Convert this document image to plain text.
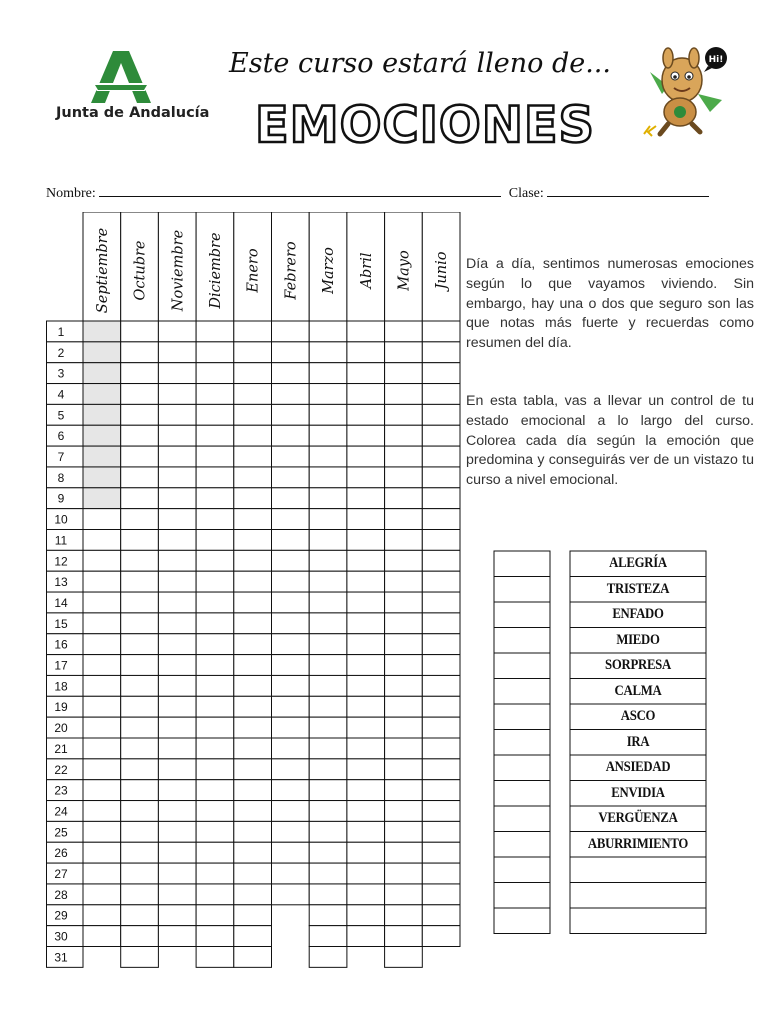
Junta de Andalucía
Este curso estará lleno de...
EMOCIONES
Hi!
Nombre:	Clase:
Septiembre Octubre Noviembre Diciembre Enero Febrero Marzo Abril Mayo Junio
1
2
3
4
5
6
7
8
9
10
11
12
13
14
15
16
17
18
19
20
21
22
23
24
25
26
27
28
29
30
31
Día a día, sentimos numerosas emociones según lo que vayamos viviendo. Sin embargo, hay una o dos que seguro son las que notas más fuerte y recuerdas como resumen del día.
En esta tabla, vas a llevar un control de tu estado emocional a lo largo del curso. Colorea cada día según la emoción que predomina y conseguirás ver de un vistazo tu curso a nivel emocional.
ALEGRÍA
TRISTEZA
ENFADO
MIEDO
SORPRESA
CALMA
ASCO
IRA
ANSIEDAD
ENVIDIA
VERGÜENZA
ABURRIMIENTO
